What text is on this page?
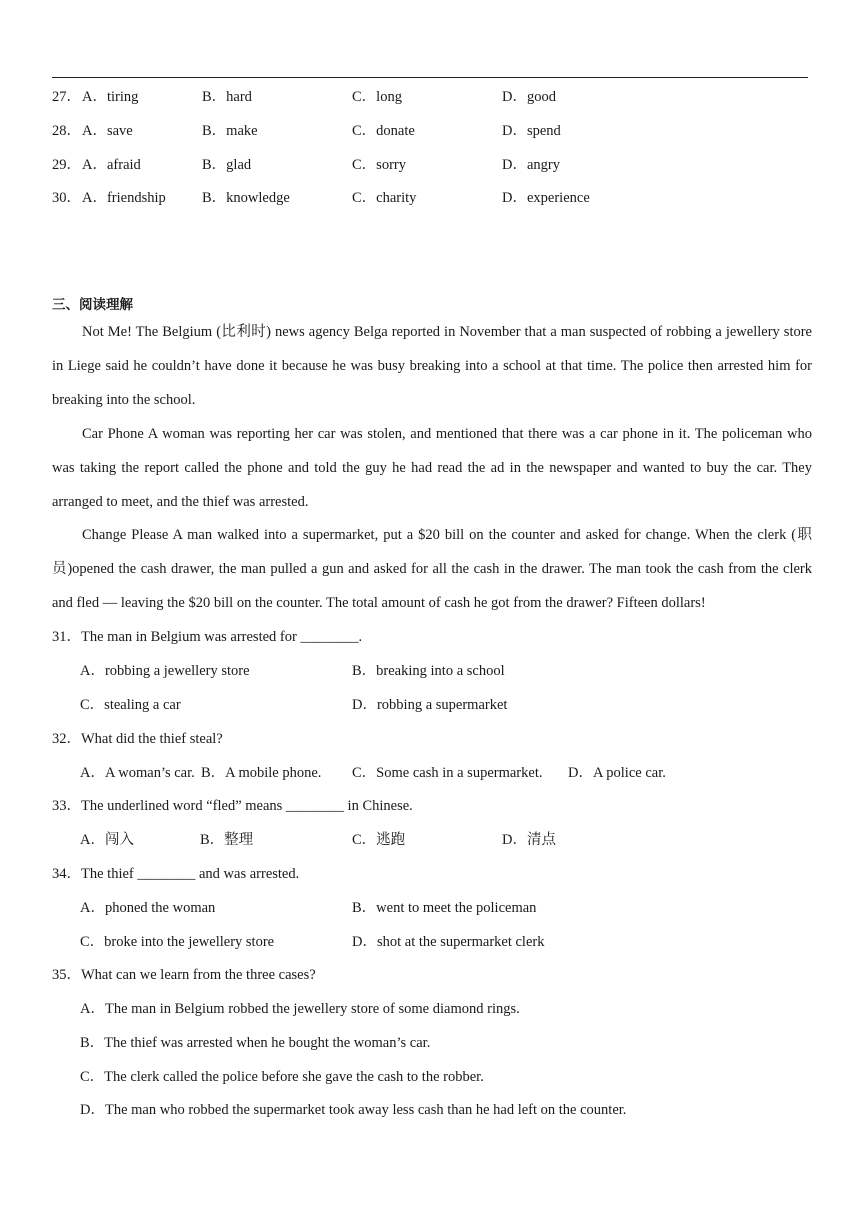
27． A．tiring	B．hard	C．long	D．good
28． A．save	B．make	C．donate	D．spend
29． A．afraid	B．glad	C．sorry	D．angry
30． A．friendship B．knowledge	C．charity	D．experience
三、阅读理解

Not Me! The Belgium (比利时) news agency Belga reported in November that a man suspected of robbing a jewellery store in Liege said he couldn’t have done it because he was busy breaking into a school at that time. The police then arrested him for breaking into the school.

Car Phone A woman was reporting her car was stolen, and mentioned that there was a car phone in it. The policeman who was taking the report called the phone and told the guy he had read the ad in the newspaper and wanted to buy the car. They arranged to meet, and the thief was arrested.

Change Please A man walked into a supermarket, put a $20 bill on the counter and asked for change. When the clerk (职员)opened the cash drawer, the man pulled a gun and asked for all the cash in the drawer. The man took the cash from the clerk and fled — leaving the $20 bill on the counter. The total amount of cash he got from the drawer? Fifteen dollars!

31．The man in Belgium was arrested for ________.
A．robbing a jewellery store	B．breaking into a school
C．stealing a car	D．robbing a supermarket
32．What did the thief steal?
A．A woman’s car. B．A mobile phone. C．Some cash in a supermarket. D．A police car.
33．The underlined word “fled” means ________ in Chinese.
A．闯入	B．整理	C．逃跑	D．清点
34．The thief ________ and was arrested.
A．phoned the woman	B．went to meet the policeman
C．broke into the jewellery store	D．shot at the supermarket clerk
35．What can we learn from the three cases?
A．The man in Belgium robbed the jewellery store of some diamond rings.
B．The thief was arrested when he bought the woman’s car.
C．The clerk called the police before she gave the cash to the robber.
D．The man who robbed the supermarket took away less cash than he had left on the counter.
